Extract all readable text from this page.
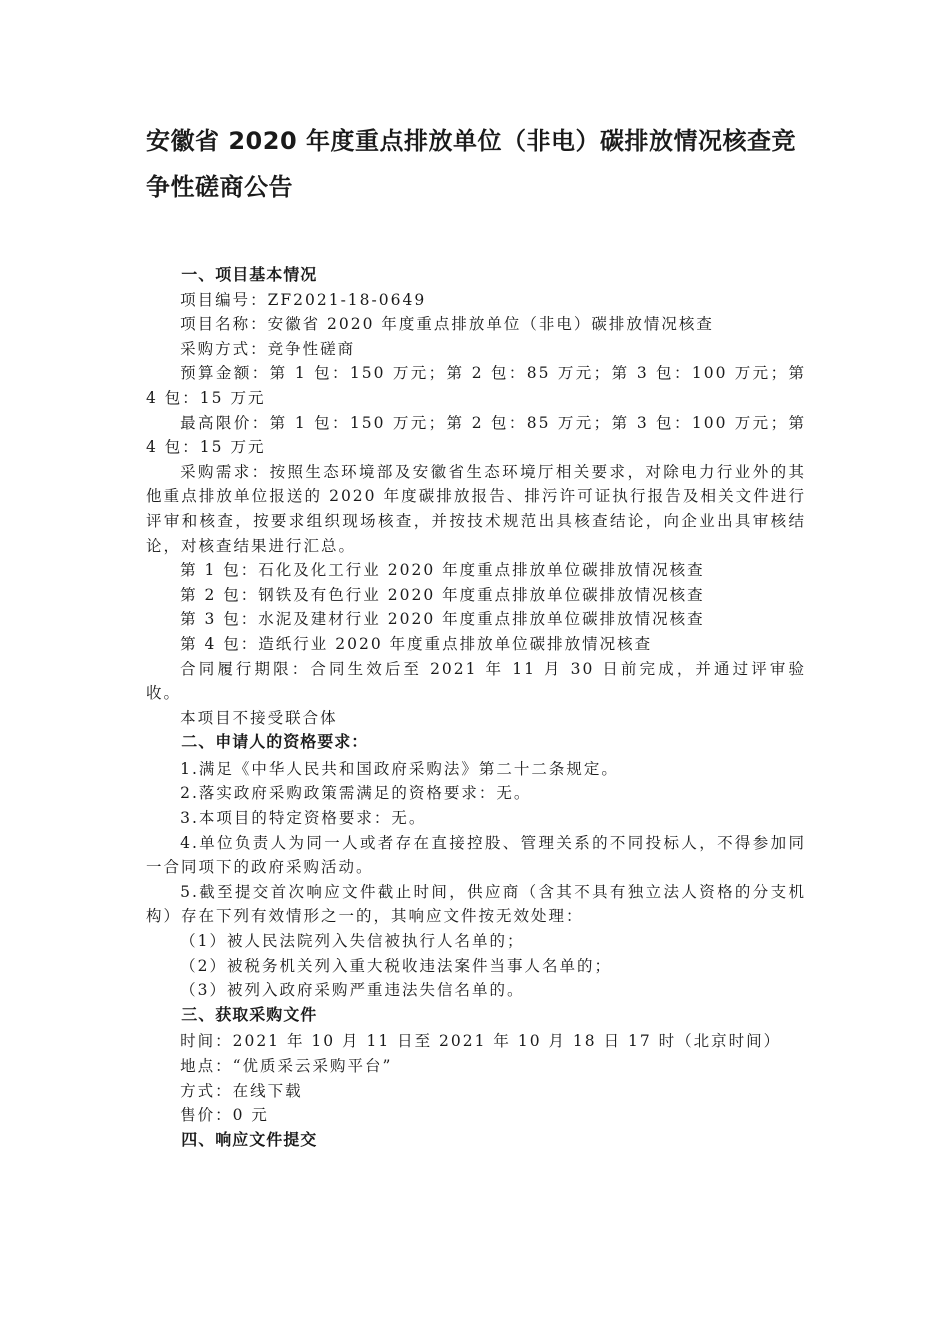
安徽省 2020 年度重点排放单位（非电）碳排放情况核查竞争性磋商公告

一、项目基本情况

项目编号：ZF2021-18-0649

项目名称：安徽省 2020 年度重点排放单位（非电）碳排放情况核查

采购方式：竞争性磋商

预算金额：第 1 包：150 万元；第 2 包：85 万元；第 3 包：100 万元；第 4 包：15 万元

最高限价：第 1 包：150 万元；第 2 包：85 万元；第 3 包：100 万元；第 4 包：15 万元

采购需求：按照生态环境部及安徽省生态环境厅相关要求，对除电力行业外的其他重点排放单位报送的 2020 年度碳排放报告、排污许可证执行报告及相关文件进行评审和核查，按要求组织现场核查，并按技术规范出具核查结论，向企业出具审核结论，对核查结果进行汇总。

第 1 包：石化及化工行业 2020 年度重点排放单位碳排放情况核查

第 2 包：钢铁及有色行业 2020 年度重点排放单位碳排放情况核查

第 3 包：水泥及建材行业 2020 年度重点排放单位碳排放情况核查

第 4 包：造纸行业 2020 年度重点排放单位碳排放情况核查

合同履行期限：合同生效后至 2021 年 11 月 30 日前完成，并通过评审验收。

本项目不接受联合体

二、申请人的资格要求：

1.满足《中华人民共和国政府采购法》第二十二条规定。

2.落实政府采购政策需满足的资格要求：无。

3.本项目的特定资格要求：无。

4.单位负责人为同一人或者存在直接控股、管理关系的不同投标人，不得参加同一合同项下的政府采购活动。

5.截至提交首次响应文件截止时间，供应商（含其不具有独立法人资格的分支机构）存在下列有效情形之一的，其响应文件按无效处理：

（1）被人民法院列入失信被执行人名单的；

（2）被税务机关列入重大税收违法案件当事人名单的；

（3）被列入政府采购严重违法失信名单的。

三、获取采购文件

时间：2021 年 10 月 11 日至 2021 年 10 月 18 日 17 时（北京时间）

地点：“优质采云采购平台”

方式：在线下载

售价：0 元

四、响应文件提交
